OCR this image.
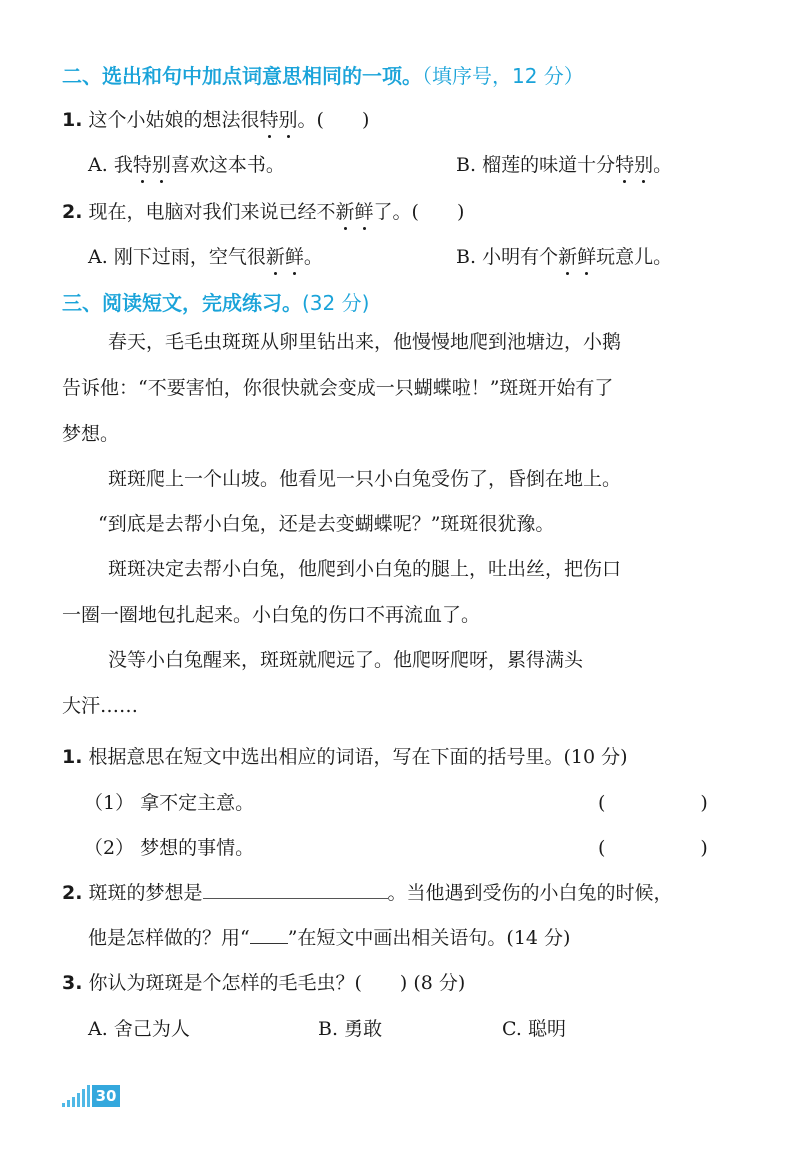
二、选出和句中加点词意思相同的一项。（填序号，12 分）
1. 这个小姑娘的想法很特别。(　　)
A. 我特别喜欢这本书。	B. 榴莲的味道十分特别。
2. 现在，电脑对我们来说已经不新鲜了。(　　)
A. 刚下过雨，空气很新鲜。	B. 小明有个新鲜玩意儿。
三、阅读短文，完成练习。(32 分)
春天，毛毛虫斑斑从卵里钻出来，他慢慢地爬到池塘边，小鹅
告诉他：“不要害怕，你很快就会变成一只蝴蝶啦！”斑斑开始有了
梦想。
斑斑爬上一个山坡。他看见一只小白兔受伤了，昏倒在地上。
“到底是去帮小白兔，还是去变蝴蝶呢？”斑斑很犹豫。
斑斑决定去帮小白兔，他爬到小白兔的腿上，吐出丝，把伤口
一圈一圈地包扎起来。小白兔的伤口不再流血了。
没等小白兔醒来，斑斑就爬远了。他爬呀爬呀，累得满头
大汗……
1. 根据意思在短文中选出相应的词语，写在下面的括号里。(10 分)
（1） 拿不定主意。	(　　　　　)
（2） 梦想的事情。	(　　　　　)
2. 斑斑的梦想是	。当他遇到受伤的小白兔的时候，
他是怎样做的？用“ ”在短文中画出相关语句。(14 分)
3. 你认为斑斑是个怎样的毛毛虫？(　　) (8 分)
A. 舍己为人	B. 勇敢	C. 聪明
30
